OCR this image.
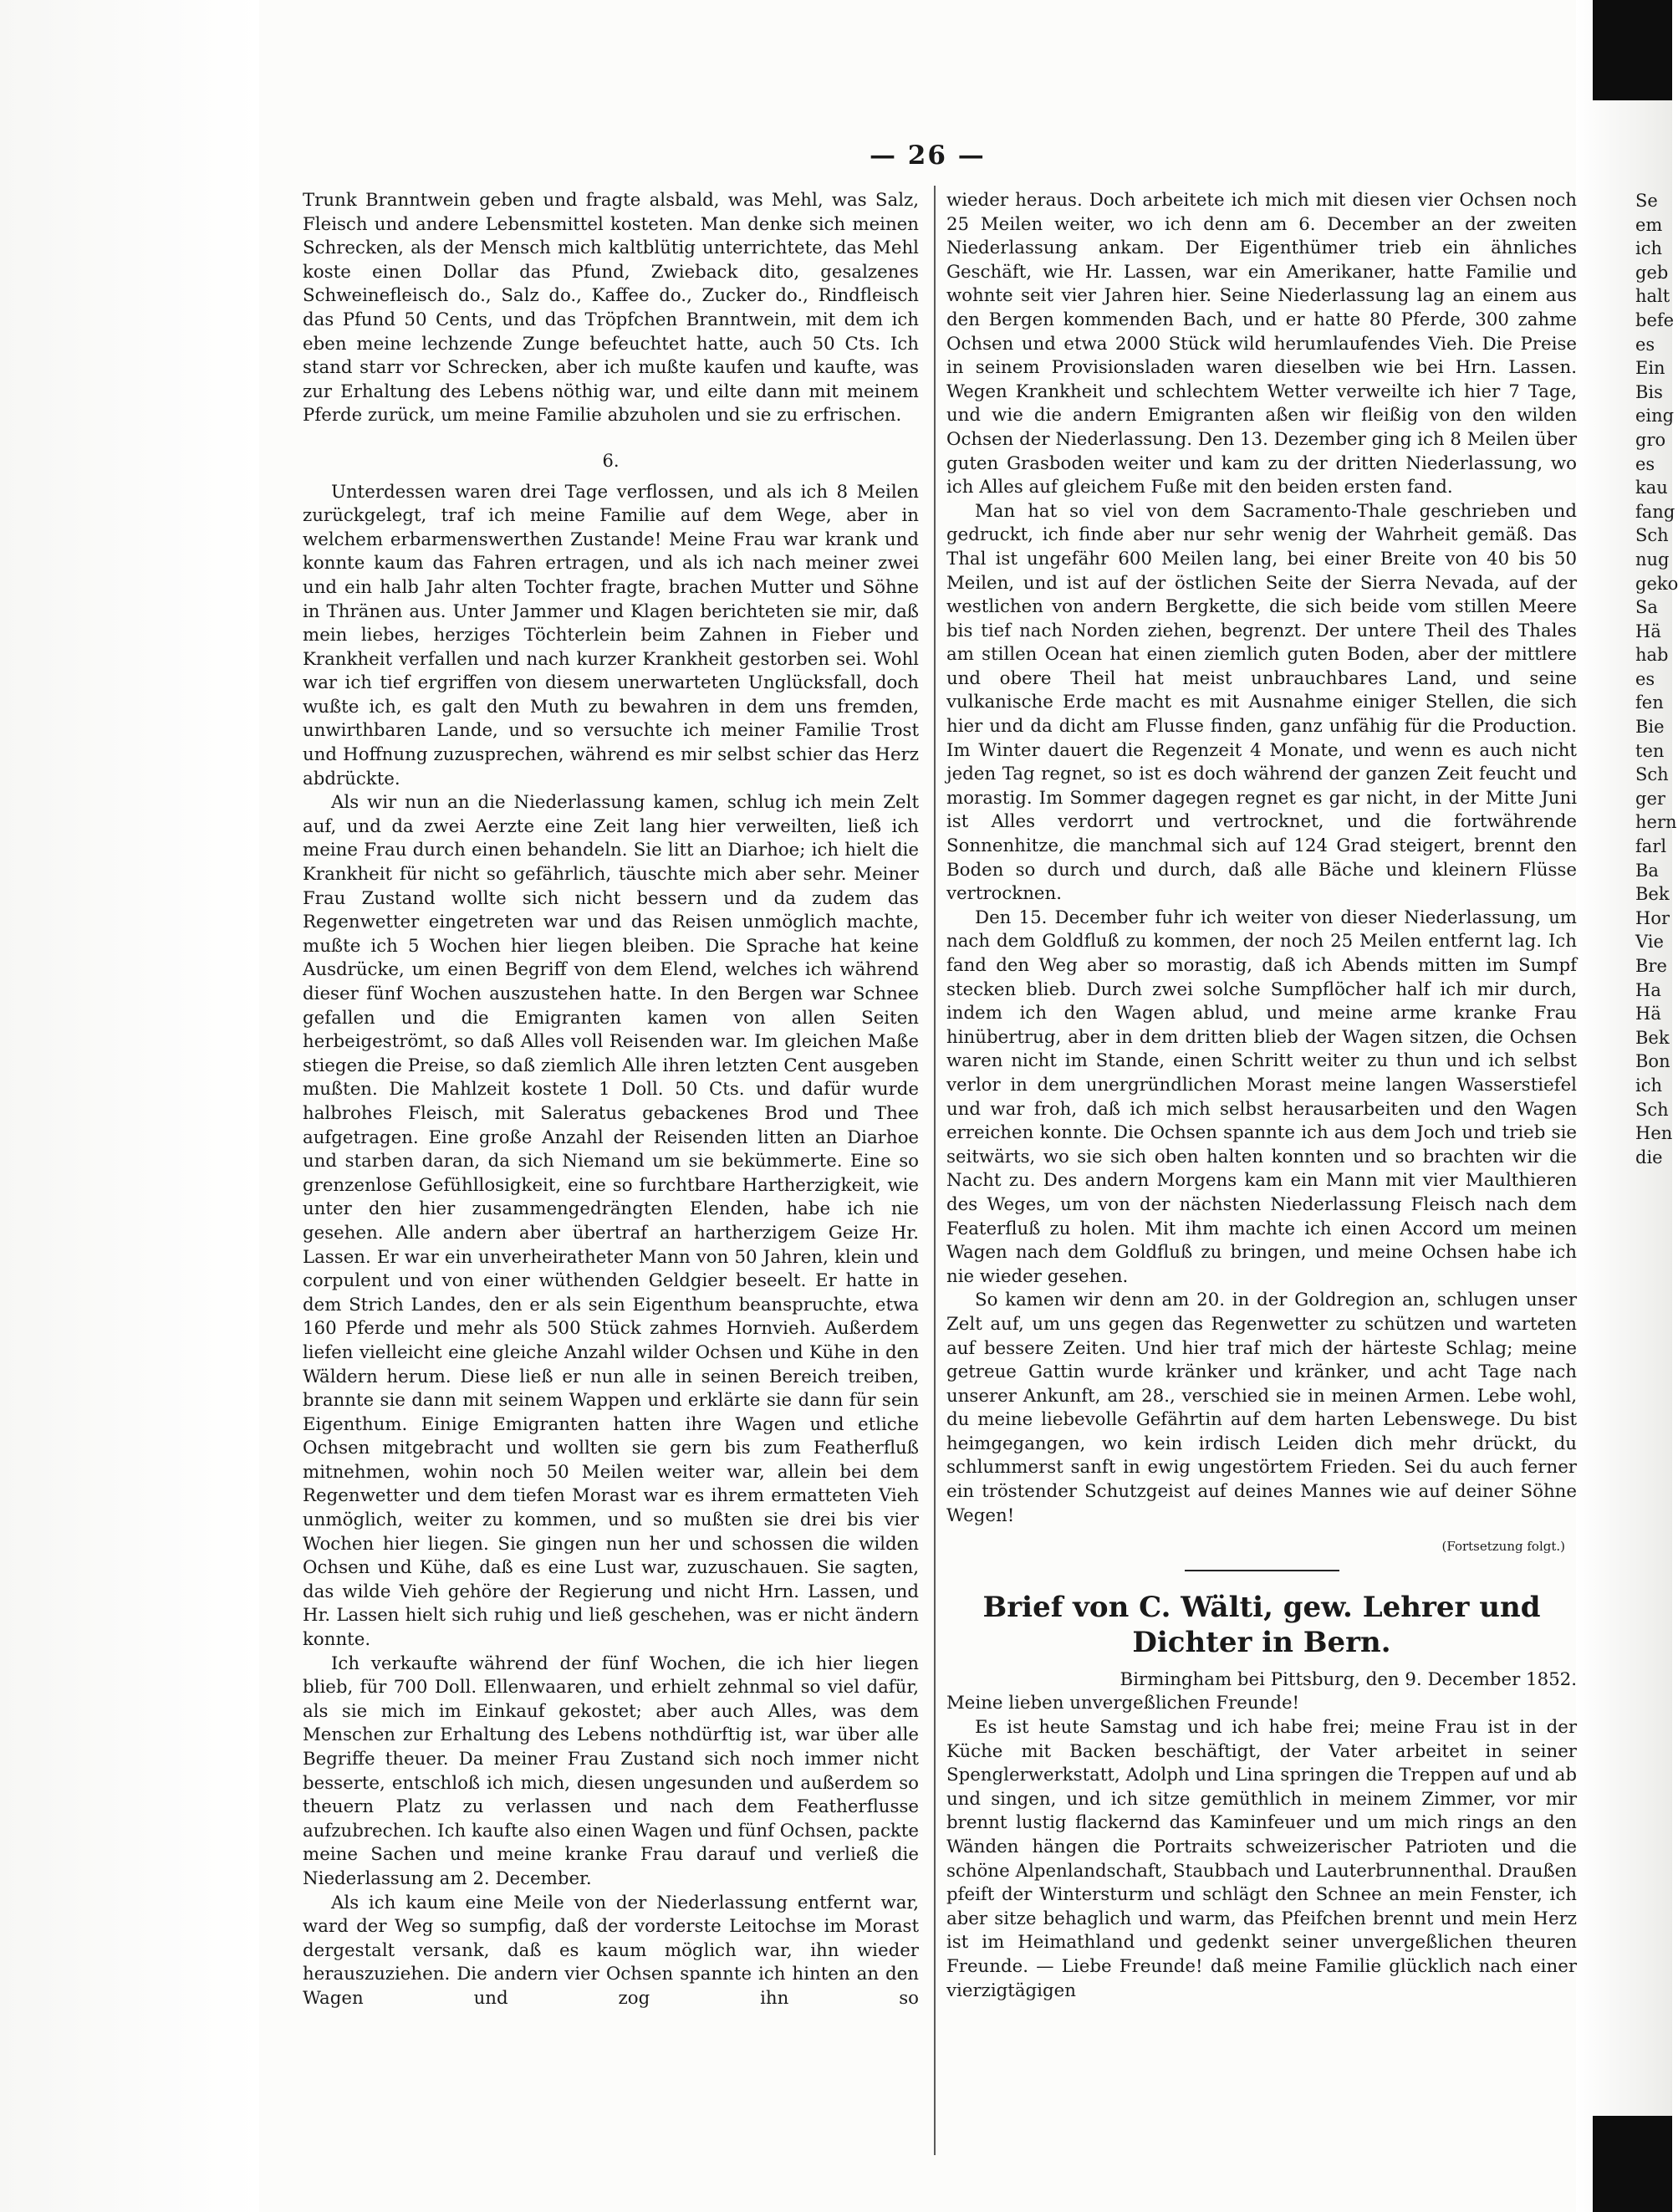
— 26 —

Trunk Branntwein geben und fragte alsbald, was Mehl, was Salz, Fleisch und andere Lebensmittel kosteten. Man denke sich meinen Schrecken, als der Mensch mich kaltblütig unterrichtete, das Mehl koste einen Dollar das Pfund, Zwieback dito, gesalzenes Schweinefleisch do., Salz do., Kaffee do., Zucker do., Rindfleisch das Pfund 50 Cents, und das Tröpfchen Branntwein, mit dem ich eben meine lechzende Zunge befeuchtet hatte, auch 50 Cts. Ich stand starr vor Schrecken, aber ich mußte kaufen und kaufte, was zur Erhaltung des Lebens nöthig war, und eilte dann mit meinem Pferde zurück, um meine Familie abzuholen und sie zu erfrischen.

6.

Unterdessen waren drei Tage verflossen, und als ich 8 Meilen zurückgelegt, traf ich meine Familie auf dem Wege, aber in welchem erbarmenswerthen Zustande! Meine Frau war krank und konnte kaum das Fahren ertragen, und als ich nach meiner zwei und ein halb Jahr alten Tochter fragte, brachen Mutter und Söhne in Thränen aus. Unter Jammer und Klagen berichteten sie mir, daß mein liebes, herziges Töchterlein beim Zahnen in Fieber und Krankheit verfallen und nach kurzer Krankheit gestorben sei. Wohl war ich tief ergriffen von diesem unerwarteten Unglücksfall, doch wußte ich, es galt den Muth zu bewahren in dem uns fremden, unwirthbaren Lande, und so versuchte ich meiner Familie Trost und Hoffnung zuzusprechen, während es mir selbst schier das Herz abdrückte.

Als wir nun an die Niederlassung kamen, schlug ich mein Zelt auf, und da zwei Aerzte eine Zeit lang hier verweilten, ließ ich meine Frau durch einen behandeln. Sie litt an Diarhoe; ich hielt die Krankheit für nicht so gefährlich, täuschte mich aber sehr. Meiner Frau Zustand wollte sich nicht bessern und da zudem das Regenwetter eingetreten war und das Reisen unmöglich machte, mußte ich 5 Wochen hier liegen bleiben. Die Sprache hat keine Ausdrücke, um einen Begriff von dem Elend, welches ich während dieser fünf Wochen auszustehen hatte. In den Bergen war Schnee gefallen und die Emigranten kamen von allen Seiten herbeigeströmt, so daß Alles voll Reisenden war. Im gleichen Maße stiegen die Preise, so daß ziemlich Alle ihren letzten Cent ausgeben mußten. Die Mahlzeit kostete 1 Doll. 50 Cts. und dafür wurde halbrohes Fleisch, mit Saleratus gebackenes Brod und Thee aufgetragen. Eine große Anzahl der Reisenden litten an Diarhoe und starben daran, da sich Niemand um sie bekümmerte. Eine so grenzenlose Gefühllosigkeit, eine so furchtbare Hartherzigkeit, wie unter den hier zusammengedrängten Elenden, habe ich nie gesehen. Alle andern aber übertraf an hartherzigem Geize Hr. Lassen. Er war ein unverheiratheter Mann von 50 Jahren, klein und corpulent und von einer wüthenden Geldgier beseelt. Er hatte in dem Strich Landes, den er als sein Eigenthum beanspruchte, etwa 160 Pferde und mehr als 500 Stück zahmes Hornvieh. Außerdem liefen vielleicht eine gleiche Anzahl wilder Ochsen und Kühe in den Wäldern herum. Diese ließ er nun alle in seinen Bereich treiben, brannte sie dann mit seinem Wappen und erklärte sie dann für sein Eigenthum. Einige Emigranten hatten ihre Wagen und etliche Ochsen mitgebracht und wollten sie gern bis zum Featherfluß mitnehmen, wohin noch 50 Meilen weiter war, allein bei dem Regenwetter und dem tiefen Morast war es ihrem ermatteten Vieh unmöglich, weiter zu kommen, und so mußten sie drei bis vier Wochen hier liegen. Sie gingen nun her und schossen die wilden Ochsen und Kühe, daß es eine Lust war, zuzuschauen. Sie sagten, das wilde Vieh gehöre der Regierung und nicht Hrn. Lassen, und Hr. Lassen hielt sich ruhig und ließ geschehen, was er nicht ändern konnte.

Ich verkaufte während der fünf Wochen, die ich hier liegen blieb, für 700 Doll. Ellenwaaren, und erhielt zehnmal so viel dafür, als sie mich im Einkauf gekostet; aber auch Alles, was dem Menschen zur Erhaltung des Lebens nothdürftig ist, war über alle Begriffe theuer. Da meiner Frau Zustand sich noch immer nicht besserte, entschloß ich mich, diesen ungesunden und außerdem so theuern Platz zu verlassen und nach dem Featherflusse aufzubrechen. Ich kaufte also einen Wagen und fünf Ochsen, packte meine Sachen und meine kranke Frau darauf und verließ die Niederlassung am 2. December.

Als ich kaum eine Meile von der Niederlassung entfernt war, ward der Weg so sumpfig, daß der vorderste Leitochse im Morast dergestalt versank, daß es kaum möglich war, ihn wieder herauszuziehen. Die andern vier Ochsen spannte ich hinten an den Wagen und zog ihn so

wieder heraus. Doch arbeitete ich mich mit diesen vier Ochsen noch 25 Meilen weiter, wo ich denn am 6. December an der zweiten Niederlassung ankam. Der Eigenthümer trieb ein ähnliches Geschäft, wie Hr. Lassen, war ein Amerikaner, hatte Familie und wohnte seit vier Jahren hier. Seine Niederlassung lag an einem aus den Bergen kommenden Bach, und er hatte 80 Pferde, 300 zahme Ochsen und etwa 2000 Stück wild herumlaufendes Vieh. Die Preise in seinem Provisionsladen waren dieselben wie bei Hrn. Lassen. Wegen Krankheit und schlechtem Wetter verweilte ich hier 7 Tage, und wie die andern Emigranten aßen wir fleißig von den wilden Ochsen der Niederlassung. Den 13. Dezember ging ich 8 Meilen über guten Grasboden weiter und kam zu der dritten Niederlassung, wo ich Alles auf gleichem Fuße mit den beiden ersten fand.

Man hat so viel von dem Sacramento-Thale geschrieben und gedruckt, ich finde aber nur sehr wenig der Wahrheit gemäß. Das Thal ist ungefähr 600 Meilen lang, bei einer Breite von 40 bis 50 Meilen, und ist auf der östlichen Seite der Sierra Nevada, auf der westlichen von andern Bergkette, die sich beide vom stillen Meere bis tief nach Norden ziehen, begrenzt. Der untere Theil des Thales am stillen Ocean hat einen ziemlich guten Boden, aber der mittlere und obere Theil hat meist unbrauchbares Land, und seine vulkanische Erde macht es mit Ausnahme einiger Stellen, die sich hier und da dicht am Flusse finden, ganz unfähig für die Production. Im Winter dauert die Regenzeit 4 Monate, und wenn es auch nicht jeden Tag regnet, so ist es doch während der ganzen Zeit feucht und morastig. Im Sommer dagegen regnet es gar nicht, in der Mitte Juni ist Alles verdorrt und vertrocknet, und die fortwährende Sonnenhitze, die manchmal sich auf 124 Grad steigert, brennt den Boden so durch und durch, daß alle Bäche und kleinern Flüsse vertrocknen.

Den 15. December fuhr ich weiter von dieser Niederlassung, um nach dem Goldfluß zu kommen, der noch 25 Meilen entfernt lag. Ich fand den Weg aber so morastig, daß ich Abends mitten im Sumpf stecken blieb. Durch zwei solche Sumpflöcher half ich mir durch, indem ich den Wagen ablud, und meine arme kranke Frau hinübertrug, aber in dem dritten blieb der Wagen sitzen, die Ochsen waren nicht im Stande, einen Schritt weiter zu thun und ich selbst verlor in dem unergründlichen Morast meine langen Wasserstiefel und war froh, daß ich mich selbst herausarbeiten und den Wagen erreichen konnte. Die Ochsen spannte ich aus dem Joch und trieb sie seitwärts, wo sie sich oben halten konnten und so brachten wir die Nacht zu. Des andern Morgens kam ein Mann mit vier Maulthieren des Weges, um von der nächsten Niederlassung Fleisch nach dem Featerfluß zu holen. Mit ihm machte ich einen Accord um meinen Wagen nach dem Goldfluß zu bringen, und meine Ochsen habe ich nie wieder gesehen.

So kamen wir denn am 20. in der Goldregion an, schlugen unser Zelt auf, um uns gegen das Regenwetter zu schützen und warteten auf bessere Zeiten. Und hier traf mich der härteste Schlag; meine getreue Gattin wurde kränker und kränker, und acht Tage nach unserer Ankunft, am 28., verschied sie in meinen Armen. Lebe wohl, du meine liebevolle Gefährtin auf dem harten Lebenswege. Du bist heimgegangen, wo kein irdisch Leiden dich mehr drückt, du schlummerst sanft in ewig ungestörtem Frieden. Sei du auch ferner ein tröstender Schutzgeist auf deines Mannes wie auf deiner Söhne Wegen!

(Fortsetzung folgt.)
Brief von C. Wälti, gew. Lehrer und Dichter in Bern.

Birmingham bei Pittsburg, den 9. December 1852.

Meine lieben unvergeßlichen Freunde!

Es ist heute Samstag und ich habe frei; meine Frau ist in der Küche mit Backen beschäftigt, der Vater arbeitet in seiner Spenglerwerkstatt, Adolph und Lina springen die Treppen auf und ab und singen, und ich sitze gemüthlich in meinem Zimmer, vor mir brennt lustig flackernd das Kaminfeuer und um mich rings an den Wänden hängen die Portraits schweizerischer Patrioten und die schöne Alpenlandschaft, Staubbach und Lauterbrunnenthal. Draußen pfeift der Wintersturm und schlägt den Schnee an mein Fenster, ich aber sitze behaglich und warm, das Pfeifchen brennt und mein Herz ist im Heimathland und gedenkt seiner unvergeßlichen theuren Freunde. — Liebe Freunde! daß meine Familie glücklich nach einer vierzigtägigen

Se
em
ich
geb
halt
befe
es
Ein
Bis
eing
gro
es
kau
fang
Sch
nug
geko
Sa
Hä
hab
es
fen
Bie
ten
Sch
ger
hern
farl
Ba
Bek
Hor
Vie
Bre
Ha
Hä
Bek
Bon
ich
Sch
Hen
die
